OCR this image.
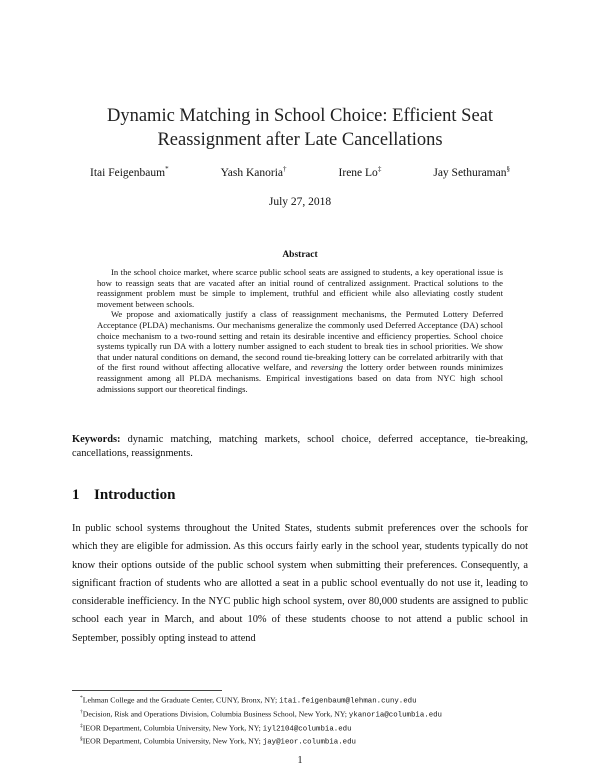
Dynamic Matching in School Choice: Efficient Seat Reassignment after Late Cancellations
Itai Feigenbaum*	Yash Kanoria†	Irene Lo‡	Jay Sethuraman§
July 27, 2018
Abstract

In the school choice market, where scarce public school seats are assigned to students, a key operational issue is how to reassign seats that are vacated after an initial round of centralized assignment. Practical solutions to the reassignment problem must be simple to implement, truthful and efficient while also alleviating costly student movement between schools.

We propose and axiomatically justify a class of reassignment mechanisms, the Permuted Lottery Deferred Acceptance (PLDA) mechanisms. Our mechanisms generalize the commonly used Deferred Acceptance (DA) school choice mechanism to a two-round setting and retain its desirable incentive and efficiency properties. School choice systems typically run DA with a lottery number assigned to each student to break ties in school priorities. We show that under natural conditions on demand, the second round tie-breaking lottery can be correlated arbitrarily with that of the first round without affecting allocative welfare, and reversing the lottery order between rounds minimizes reassignment among all PLDA mechanisms. Empirical investigations based on data from NYC high school admissions support our theoretical findings.

Keywords: dynamic matching, matching markets, school choice, deferred acceptance, tie-breaking, cancellations, reassignments.
1 Introduction

In public school systems throughout the United States, students submit preferences over the schools for which they are eligible for admission. As this occurs fairly early in the school year, students typically do not know their options outside of the public school system when submitting their preferences. Consequently, a significant fraction of students who are allotted a seat in a public school eventually do not use it, leading to considerable inefficiency. In the NYC public high school system, over 80,000 students are assigned to public school each year in March, and about 10% of these students choose to not attend a public school in September, possibly opting instead to attend

*Lehman College and the Graduate Center, CUNY, Bronx, NY; itai.feigenbaum@lehman.cuny.edu

†Decision, Risk and Operations Division, Columbia Business School, New York, NY; ykanoria@columbia.edu

‡IEOR Department, Columbia University, New York, NY; iyl2104@columbia.edu

§IEOR Department, Columbia University, New York, NY; jay@ieor.columbia.edu

1
